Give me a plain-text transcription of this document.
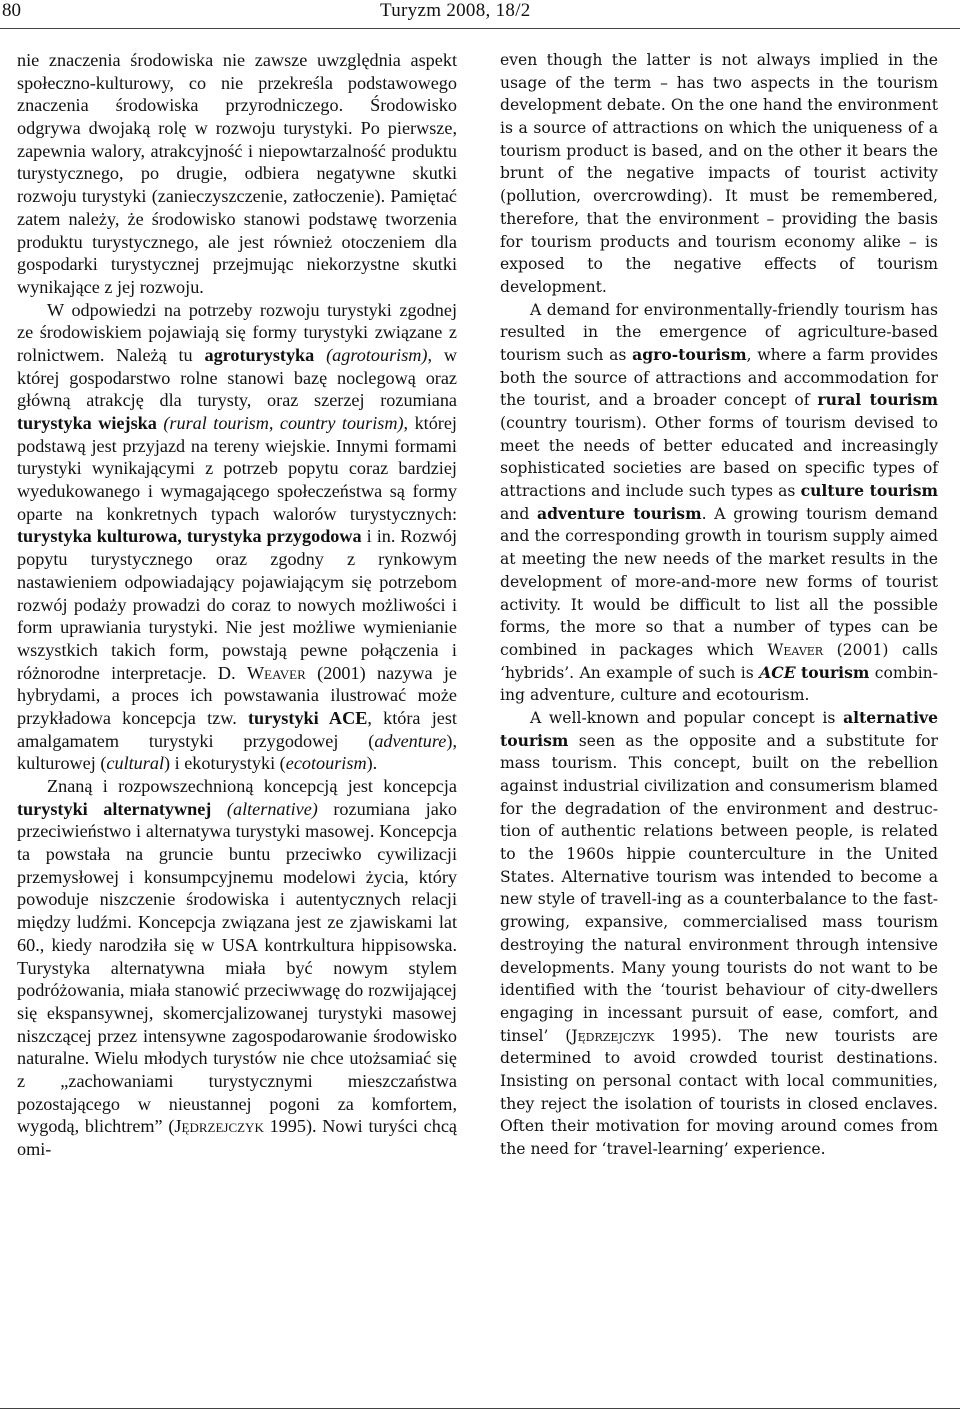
80	Turyzm 2008, 18/2

nie znaczenia środowiska nie zawsze uwzględnia aspekt społeczno-kulturowy, co nie przekreśla podstawowego znaczenia środowiska przyrodniczego. Środowisko odgrywa dwojaką rolę w rozwoju turystyki. Po pierwsze, zapewnia walory, atrakcyjność i niepowtarzalność produktu turystycznego, po drugie, odbiera negatywne skutki rozwoju turystyki (zanieczyszczenie, zatłoczenie). Pamiętać zatem należy, że środowisko stanowi podstawę tworzenia produktu turystycznego, ale jest również otoczeniem dla gospodarki turystycznej przejmując niekorzystne skutki wynikające z jej rozwoju.

W odpowiedzi na potrzeby rozwoju turystyki zgodnej ze środowiskiem pojawiają się formy turystyki związane z rolnictwem. Należą tu agroturystyka (agrotourism), w której gospodarstwo rolne stanowi bazę noclegową oraz główną atrakcję dla turysty, oraz szerzej rozumiana turystyka wiejska (rural tourism, country tourism), której podstawą jest przyjazd na tereny wiejskie. Innymi formami turystyki wynikającymi z potrzeb popytu coraz bardziej wyedukowanego i wymagającego społeczeństwa są formy oparte na konkretnych typach walorów turystycznych: turystyka kulturowa, turystyka przygodowa i in. Rozwój popytu turystycznego oraz zgodny z rynkowym nastawieniem odpowiadający pojawiającym się potrzebom rozwój podaży prowadzi do coraz to nowych możliwości i form uprawiania turystyki. Nie jest możliwe wymienianie wszystkich takich form, powstają pewne połączenia i różnorodne interpretacje. D. Weaver (2001) nazywa je hybrydami, a proces ich powstawania ilustrować może przykładowa koncepcja tzw. turystyki ACE, która jest amalgamatem turystyki przygodowej (adventure), kulturowej (cultural) i ekoturystyki (ecotourism).

Znaną i rozpowszechnioną koncepcją jest koncepcja turystyki alternatywnej (alternative) rozumiana jako przeciwieństwo i alternatywa turystyki masowej. Koncepcja ta powstała na gruncie buntu przeciwko cywilizacji przemysłowej i konsumpcyjnemu modelowi życia, który powoduje niszczenie środowiska i autentycznych relacji między ludźmi. Koncepcja związana jest ze zjawiskami lat 60., kiedy narodziła się w USA kontrkultura hippisowska. Turystyka alternatywna miała być nowym stylem podróżowania, miała stanowić przeciwwagę do rozwijającej się ekspansywnej, skomercjalizowanej turystyki masowej niszczącej przez intensywne zagospodarowanie środowisko naturalne. Wielu młodych turystów nie chce utożsamiać się z „zachowaniami turystycznymi mieszczaństwa pozostającego w nieustannej pogoni za komfortem, wygodą, blichtrem” (Jędrzejczyk 1995). Nowi turyści chcą omi-

even though the latter is not always implied in the usage of the term – has two aspects in the tourism development debate. On the one hand the environment is a source of attractions on which the uniqueness of a tourism product is based, and on the other it bears the brunt of the negative impacts of tourist activity (pollution, overcrowding). It must be remembered, therefore, that the environment – providing the basis for tourism products and tourism economy alike – is exposed to the negative effects of tourism development.

A demand for environmentally-friendly tourism has resulted in the emergence of agriculture-based tourism such as agro-tourism, where a farm provides both the source of attractions and accommodation for the tourist, and a broader concept of rural tourism (country tourism). Other forms of tourism devised to meet the needs of better educated and increasingly sophisticated societies are based on specific types of attractions and include such types as culture tourism and adventure tourism. A growing tourism demand and the corresponding growth in tourism supply aimed at meeting the new needs of the market results in the development of more-and-more new forms of tourist activity. It would be difficult to list all the possible forms, the more so that a number of types can be combined in packages which Weaver (2001) calls ‘hybrids’. An example of such is ACE tourism combin-ing adventure, culture and ecotourism.

A well-known and popular concept is alternative tourism seen as the opposite and a substitute for mass tourism. This concept, built on the rebellion against industrial civilization and consumerism blamed for the degradation of the environment and destruc-tion of authentic relations between people, is related to the 1960s hippie counterculture in the United States. Alternative tourism was intended to become a new style of travell-ing as a counterbalance to the fast-growing, expansive, commercialised mass tourism destroying the natural environment through intensive developments. Many young tourists do not want to be identified with the ‘tourist behaviour of city-dwellers engaging in incessant pursuit of ease, comfort, and tinsel’ (Jędrzejczyk 1995). The new tourists are determined to avoid crowded tourist destinations. Insisting on personal contact with local communities, they reject the isolation of tourists in closed enclaves. Often their motivation for moving around comes from the need for ‘travel-learning’ experience.
